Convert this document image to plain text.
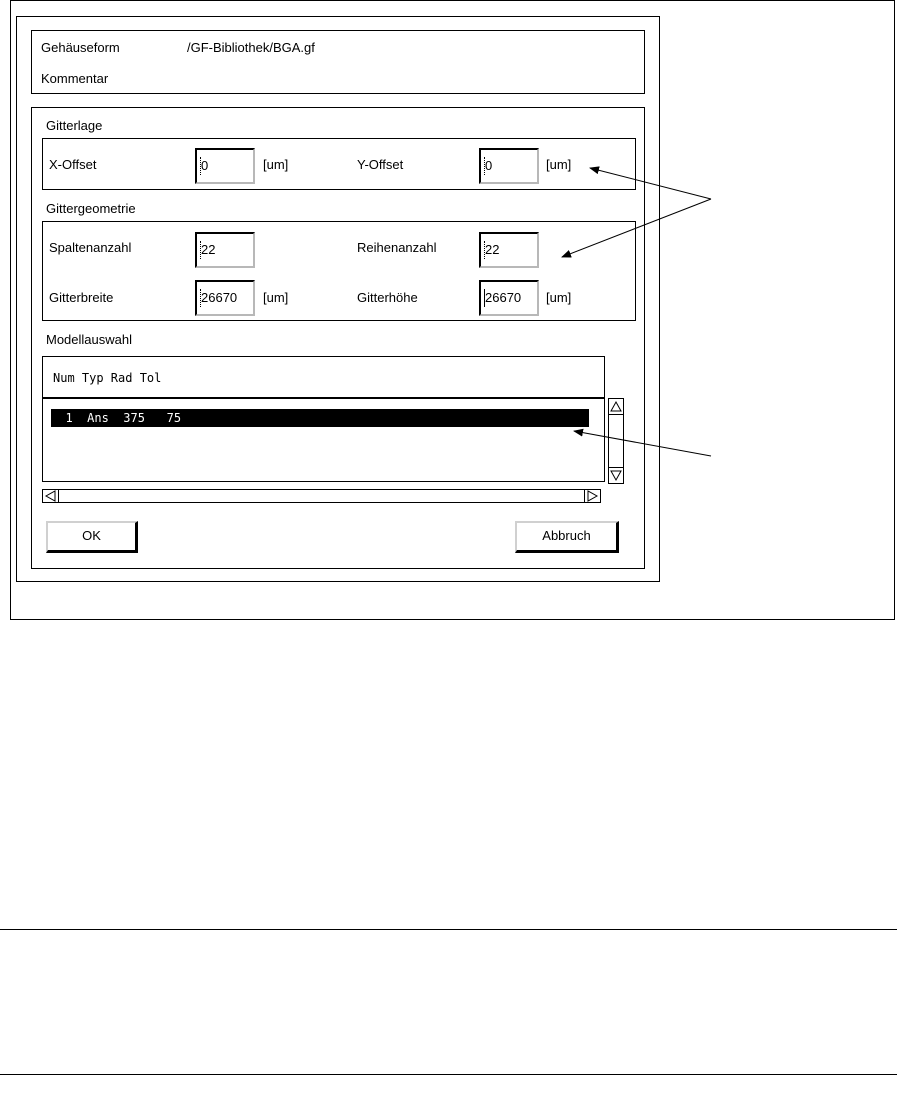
Gehäuseform	/GF-Bibliothek/BGA.gf
Kommentar
Gitterlage
X-Offset	0	[um]	Y-Offset	0	[um]
Gittergeometrie
Spaltenanzahl	22	Reihenanzahl	22
Gitterbreite	26670	[um]	Gitterhöhe	26670	[um]
Modellauswahl
Num Typ Rad Tol
1  Ans  375   75
OK	Abbruch
